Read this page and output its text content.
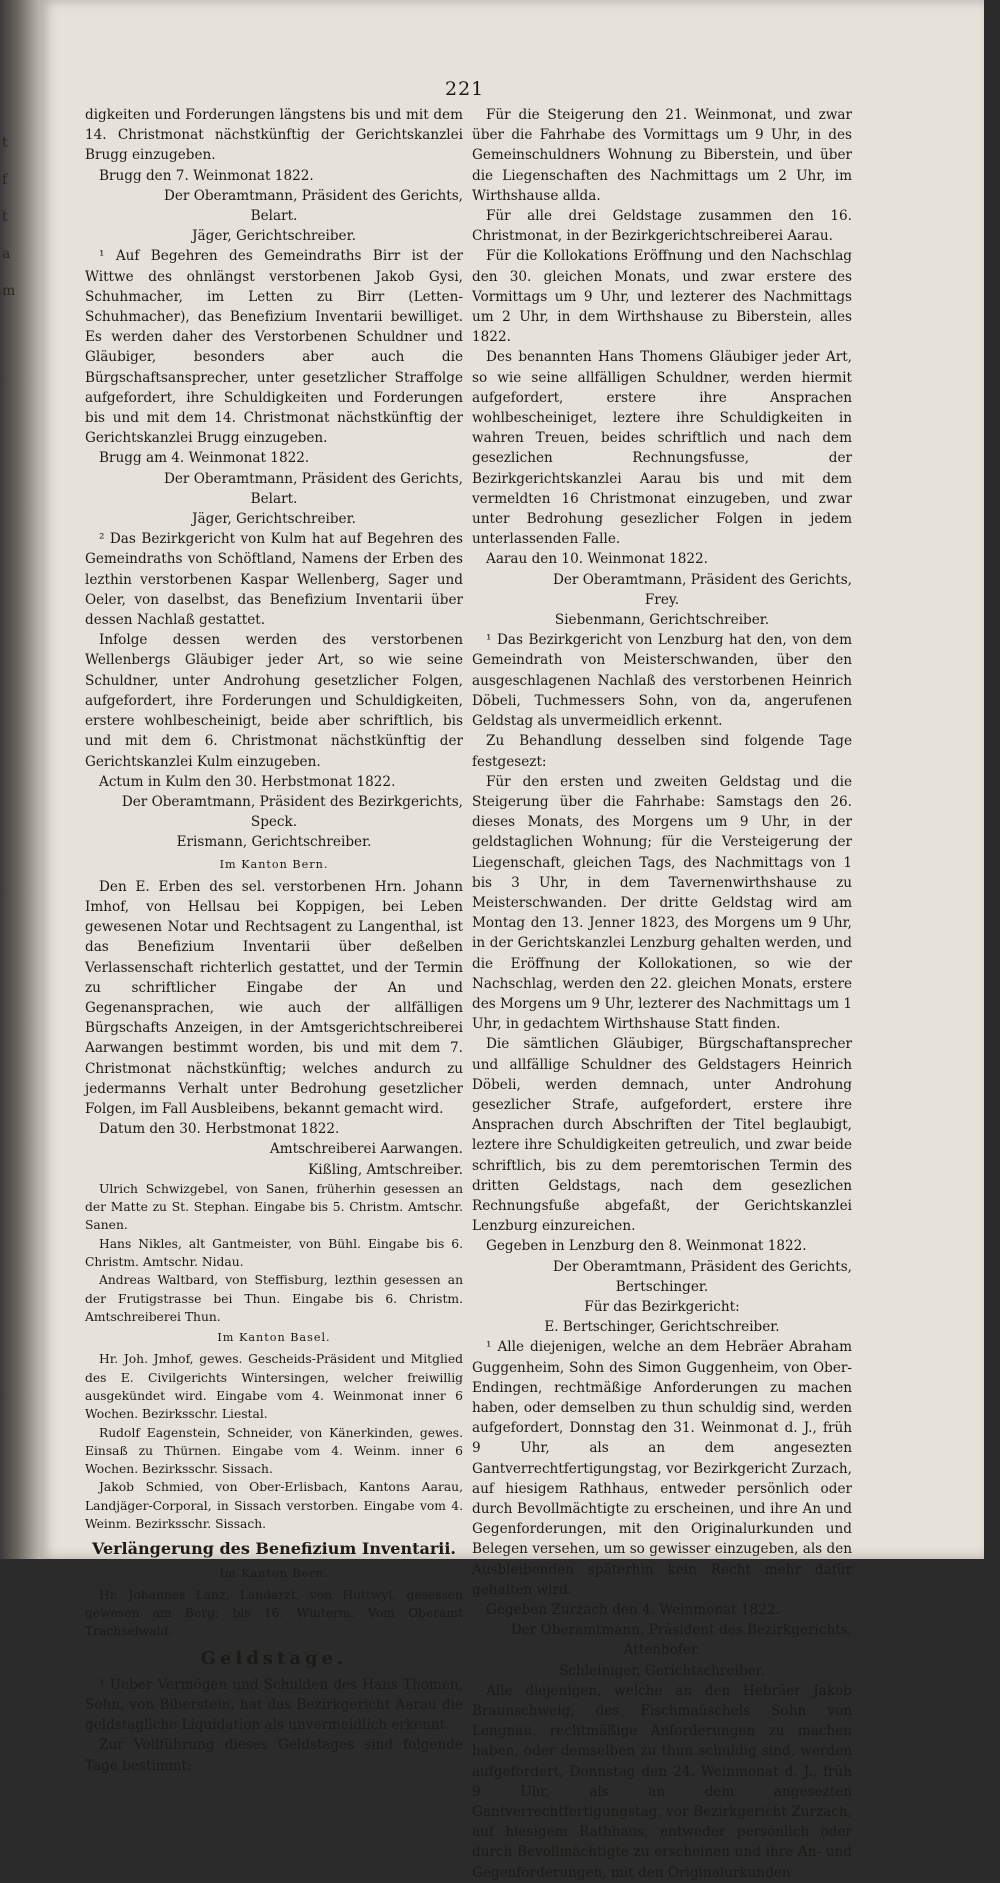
t
f
t
a
m
221

digkeiten und Forderungen längstens bis und mit dem 14. Christmonat nächstkünftig der Gerichtskanzlei Brugg einzugeben.

Brugg den 7. Weinmonat 1822.

Der Oberamtmann, Präsident des Gerichts,

Belart.

Jäger, Gerichtschreiber.

¹ Auf Begehren des Gemeindraths Birr ist der Wittwe des ohnlängst verstorbenen Jakob Gysi, Schuhmacher, im Letten zu Birr (Letten-Schuhmacher), das Benefizium Inventarii bewilliget. Es werden daher des Verstorbenen Schuldner und Gläubiger, besonders aber auch die Bürgschaftsansprecher, unter gesetzlicher Straffolge aufgefordert, ihre Schuldigkeiten und Forderungen bis und mit dem 14. Christmonat nächstkünftig der Gerichtskanzlei Brugg einzugeben.

Brugg am 4. Weinmonat 1822.

Der Oberamtmann, Präsident des Gerichts,

Belart.

Jäger, Gerichtschreiber.

² Das Bezirkgericht von Kulm hat auf Begehren des Gemeindraths von Schöftland, Namens der Erben des lezthin verstorbenen Kaspar Wellenberg, Sager und Oeler, von daselbst, das Benefizium Inventarii über dessen Nachlaß gestattet.

Infolge dessen werden des verstorbenen Wellenbergs Gläubiger jeder Art, so wie seine Schuldner, unter Androhung gesetzlicher Folgen, aufgefordert, ihre Forderungen und Schuldigkeiten, erstere wohlbescheinigt, beide aber schriftlich, bis und mit dem 6. Christmonat nächstkünftig der Gerichtskanzlei Kulm einzugeben.

Actum in Kulm den 30. Herbstmonat 1822.

Der Oberamtmann, Präsident des Bezirkgerichts,

Speck.

Erismann, Gerichtschreiber.

Im Kanton Bern.

Den E. Erben des sel. verstorbenen Hrn. Johann Imhof, von Hellsau bei Koppigen, bei Leben gewesenen Notar und Rechtsagent zu Langenthal, ist das Benefizium Inventarii über deßelben Verlassenschaft richterlich gestattet, und der Termin zu schriftlicher Eingabe der An und Gegenansprachen, wie auch der allfälligen Bürgschafts Anzeigen, in der Amtsgerichtschreiberei Aarwangen bestimmt worden, bis und mit dem 7. Christmonat nächstkünftig; welches andurch zu jedermanns Verhalt unter Bedrohung gesetzlicher Folgen, im Fall Ausbleibens, bekannt gemacht wird.

Datum den 30. Herbstmonat 1822.

Amtschreiberei Aarwangen.

Kißling, Amtschreiber.

Ulrich Schwizgebel, von Sanen, früherhin gesessen an der Matte zu St. Stephan. Eingabe bis 5. Christm. Amtschr. Sanen.

Hans Nikles, alt Gantmeister, von Bühl. Eingabe bis 6. Christm. Amtschr. Nidau.

Andreas Waltbard, von Steffisburg, lezthin gesessen an der Frutigstrasse bei Thun. Eingabe bis 6. Christm. Amtschreiberei Thun.

Im Kanton Basel.

Hr. Joh. Jmhof, gewes. Gescheids-Präsident und Mitglied des E. Civilgerichts Wintersingen, welcher freiwillig ausgekündet wird. Eingabe vom 4. Weinmonat inner 6 Wochen. Bezirksschr. Liestal.

Rudolf Eagenstein, Schneider, von Känerkinden, gewes. Einsaß zu Thürnen. Eingabe vom 4. Weinm. inner 6 Wochen. Bezirksschr. Sissach.

Jakob Schmied, von Ober-Erlisbach, Kantons Aarau, Landjäger-Corporal, in Sissach verstorben. Eingabe vom 4. Weinm. Bezirksschr. Sissach.

Verlängerung des Benefizium Inventarii.
Im Kanton Bern.

Hr. Johannes Lanz, Landarzt, von Huttwyl, gesessen gewesen am Berg; bis 16. Winterm. Vom Oberamt Trachselwald.

Geldstage.

¹ Ueber Vermögen und Schulden des Hans Thomen, Sohn, von Biberstein, hat das Bezirkgericht Aarau die geldstagliche Liquidation als unvermeidlich erkennt.

Zur Vollführung dieses Geldstages sind folgende Tage bestimmt:

Für die Steigerung den 21. Weinmonat, und zwar über die Fahrhabe des Vormittags um 9 Uhr, in des Gemeinschuldners Wohnung zu Biberstein, und über die Liegenschaften des Nachmittags um 2 Uhr, im Wirthshause allda.

Für alle drei Geldstage zusammen den 16. Christmonat, in der Bezirkgerichtschreiberei Aarau.

Für die Kollokations Eröffnung und den Nachschlag den 30. gleichen Monats, und zwar erstere des Vormittags um 9 Uhr, und lezterer des Nachmittags um 2 Uhr, in dem Wirthshause zu Biberstein, alles 1822.

Des benannten Hans Thomens Gläubiger jeder Art, so wie seine allfälligen Schuldner, werden hiermit aufgefordert, erstere ihre Ansprachen wohlbescheiniget, leztere ihre Schuldigkeiten in wahren Treuen, beides schriftlich und nach dem gesezlichen Rechnungsfusse, der Bezirkgerichtskanzlei Aarau bis und mit dem vermeldten 16 Christmonat einzugeben, und zwar unter Bedrohung gesezlicher Folgen in jedem unterlassenden Falle.

Aarau den 10. Weinmonat 1822.

Der Oberamtmann, Präsident des Gerichts,

Frey.

Siebenmann, Gerichtschreiber.

¹ Das Bezirkgericht von Lenzburg hat den, von dem Gemeindrath von Meisterschwanden, über den ausgeschlagenen Nachlaß des verstorbenen Heinrich Döbeli, Tuchmessers Sohn, von da, angerufenen Geldstag als unvermeidlich erkennt.

Zu Behandlung desselben sind folgende Tage festgesezt:

Für den ersten und zweiten Geldstag und die Steigerung über die Fahrhabe: Samstags den 26. dieses Monats, des Morgens um 9 Uhr, in der geldstaglichen Wohnung; für die Versteigerung der Liegenschaft, gleichen Tags, des Nachmittags von 1 bis 3 Uhr, in dem Tavernenwirthshause zu Meisterschwanden. Der dritte Geldstag wird am Montag den 13. Jenner 1823, des Morgens um 9 Uhr, in der Gerichtskanzlei Lenzburg gehalten werden, und die Eröffnung der Kollokationen, so wie der Nachschlag, werden den 22. gleichen Monats, erstere des Morgens um 9 Uhr, lezterer des Nachmittags um 1 Uhr, in gedachtem Wirthshause Statt finden.

Die sämtlichen Gläubiger, Bürgschaftansprecher und allfällige Schuldner des Geldstagers Heinrich Döbeli, werden demnach, unter Androhung gesezlicher Strafe, aufgefordert, erstere ihre Ansprachen durch Abschriften der Titel beglaubigt, leztere ihre Schuldigkeiten getreulich, und zwar beide schriftlich, bis zu dem peremtorischen Termin des dritten Geldstags, nach dem gesezlichen Rechnungsfuße abgefaßt, der Gerichtskanzlei Lenzburg einzureichen.

Gegeben in Lenzburg den 8. Weinmonat 1822.

Der Oberamtmann, Präsident des Gerichts,

Bertschinger.

Für das Bezirkgericht:

E. Bertschinger, Gerichtschreiber.

¹ Alle diejenigen, welche an dem Hebräer Abraham Guggenheim, Sohn des Simon Guggenheim, von Ober-Endingen, rechtmäßige Anforderungen zu machen haben, oder demselben zu thun schuldig sind, werden aufgefordert, Donnstag den 31. Weinmonat d. J., früh 9 Uhr, als an dem angesezten Gantverrechtfertigungstag, vor Bezirkgericht Zurzach, auf hiesigem Rathhaus, entweder persönlich oder durch Bevollmächtigte zu erscheinen, und ihre An und Gegenforderungen, mit den Originalurkunden und Belegen versehen, um so gewisser einzugeben, als den Ausbleibenden späterhin kein Recht mehr dafür gehalten wird.

Gegeben Zurzach den 4. Weinmonat 1822.

Der Oberamtmann, Präsident des Bezirkgerichts,

Attenhofer.

Schleiniger, Gerichtschreiber.

Alle diejenigen, welche an den Hebräer Jakob Braunschweig, des Fischmaüschels Sohn von Lengnau, rechtmäßige Anforderungen zu machen haben, oder demselben zu thun schuldig sind, werden aufgefordert, Donnstag den 24. Weinmonat d. J., früh 9 Uhr, als an dem angesezten Gantverrechtfertigungstag, vor Bezirkgericht Zurzach, auf hiesigem Rathhaus, entweder persönlich oder durch Bevollmächtigte zu erscheinen und ihre An- und Gegenforderungen, mit den Originalurkunden
